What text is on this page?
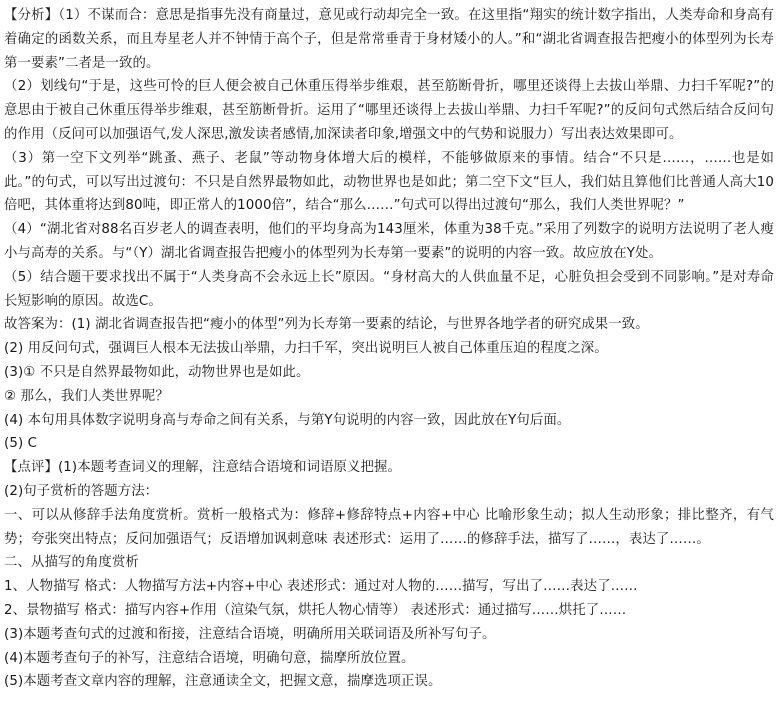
【分析】（1）不谋而合：意思是指事先没有商量过，意见或行动却完全一致。在这里指“翔实的统计数字指出，人类寿命和身高有着确定的函数关系，而且寿星老人并不钟情于高个子，但是常常垂青于身材矮小的人。”和“湖北省调查报告把瘦小的体型列为长寿第一要素”二者是一致的。

（2）划线句“于是，这些可怜的巨人便会被自己休重压得举步维艰，甚至筋断骨折，哪里还谈得上去拔山举鼎、力扫千军呢?”的意思由于被自己休重压得举步维艰，甚至筋断骨折。运用了“哪里还谈得上去拔山举鼎、力扫千军呢?”的反问句式然后结合反问句的作用（反问可以加强语气,发人深思,激发读者感情,加深读者印象,增强文中的气势和说服力）写出表达效果即可。

（3）第一空下文列举“跳蚤、燕子、老鼠”等动物身体增大后的模样，不能够做原来的事情。结合“不只是……，……也是如此。”的句式，可以写出过渡句：不只是自然界最物如此，动物世界也是如此；第二空下文“巨人，我们姑且算他们比普通人高大10倍吧，其体重将达到80吨，即正常人的1000倍”，结合“那么……”句式可以得出过渡句“那么，我们人类世界呢？”

（4）“湖北省对88名百岁老人的调查表明，他们的平均身高为143厘米，体重为38千克。”采用了列数字的说明方法说明了老人瘦小与高寿的关系。与“（Y）湖北省调查报告把瘦小的体型列为长寿第一要素”的说明的内容一致。故应放在Y处。

（5）结合题干要求找出不属于“人类身高不会永远上长”原因。“身材高大的人供血量不足，心脏负担会受到不同影响。”是对寿命长短影响的原因。故选C。

故答案为：(1) 湖北省调查报告把“瘦小的体型”列为长寿第一要素的结论，与世界各地学者的研究成果一致。

(2) 用反问句式，强调巨人根本无法拔山举鼎，力扫千军，突出说明巨人被自己体重压迫的程度之深。

(3)① 不只是自然界最物如此，动物世界也是如此。

② 那么，我们人类世界呢？

(4) 本句用具体数字说明身高与寿命之间有关系，与第Y句说明的内容一致，因此放在Y句后面。

(5) C

【点评】(1)本题考查词义的理解，注意结合语境和词语原义把握。

(2)句子赏析的答题方法：

一、可以从修辞手法角度赏析。赏析一般格式为：修辞+修辞特点+内容+中心 比喻形象生动；拟人生动形象；排比整齐，有气势；夸张突出特点；反问加强语气；反语增加讽刺意味 表述形式：运用了……的修辞手法，描写了……，表达了……。

二、从描写的角度赏析

1、人物描写 格式：人物描写方法+内容+中心 表述形式：通过对人物的……描写，写出了……表达了……

2、景物描写 格式：描写内容+作用（渲染气氛，烘托人物心情等） 表述形式：通过描写……烘托了……

(3)本题考查句式的过渡和衔接，注意结合语境，明确所用关联词语及所补写句子。

(4)本题考查句子的补写，注意结合语境，明确句意，揣摩所放位置。

(5)本题考查文章内容的理解，注意通读全文，把握文意，揣摩选项正误。
